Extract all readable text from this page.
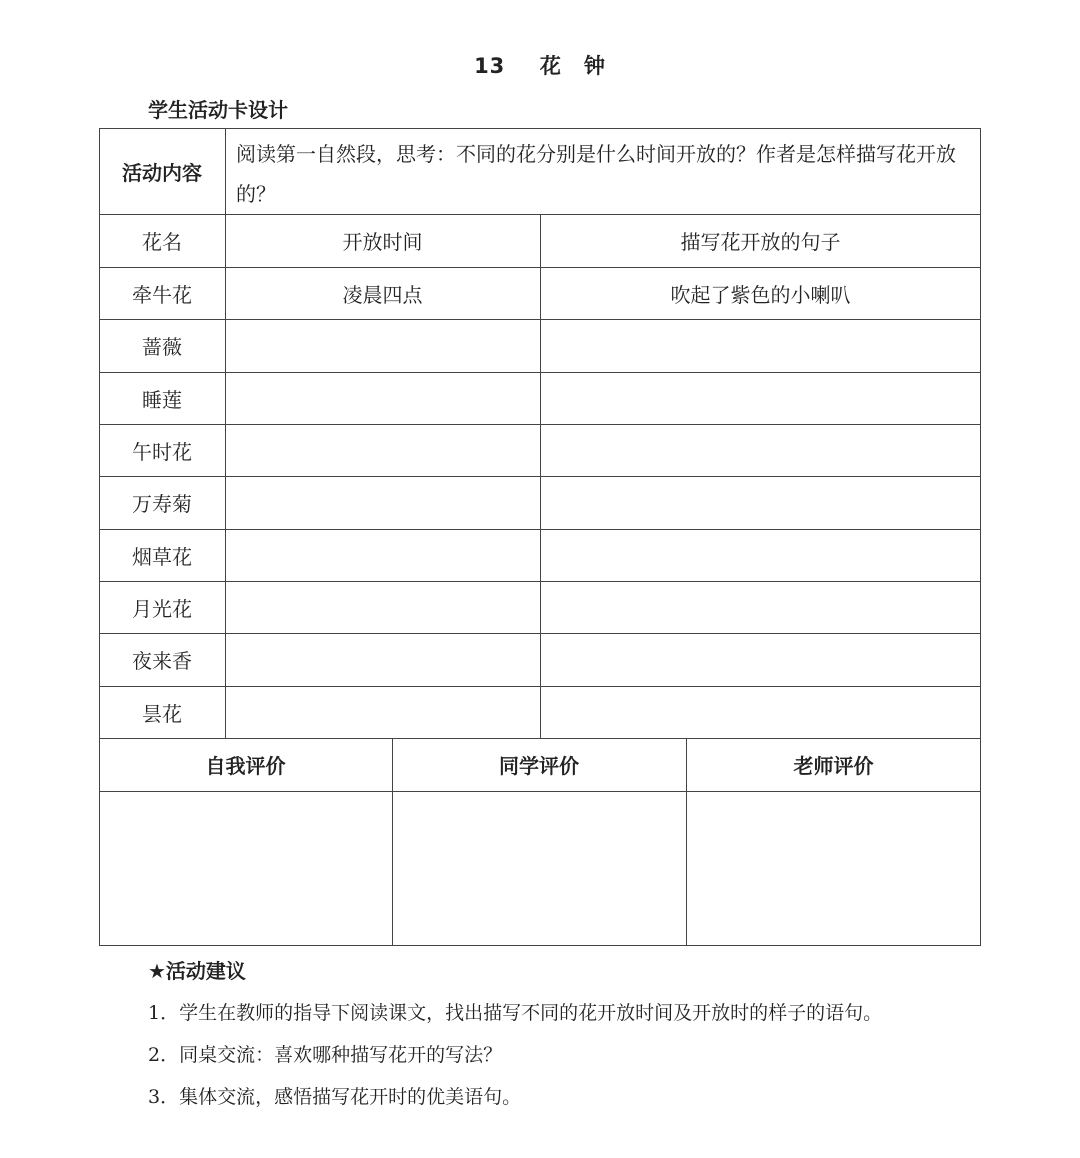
13 花　钟
学生活动卡设计
活动内容
阅读第一自然段，思考：不同的花分别是什么时间开放的？作者是怎样描写花开放的？
花名	开放时间	描写花开放的句子
牵牛花	凌晨四点	吹起了紫色的小喇叭
蔷薇
睡莲
午时花
万寿菊
烟草花
月光花
夜来香
昙花
自我评价	同学评价	老师评价
★活动建议
1．学生在教师的指导下阅读课文，找出描写不同的花开放时间及开放时的样子的语句。
2．同桌交流：喜欢哪种描写花开的写法？
3．集体交流，感悟描写花开时的优美语句。
